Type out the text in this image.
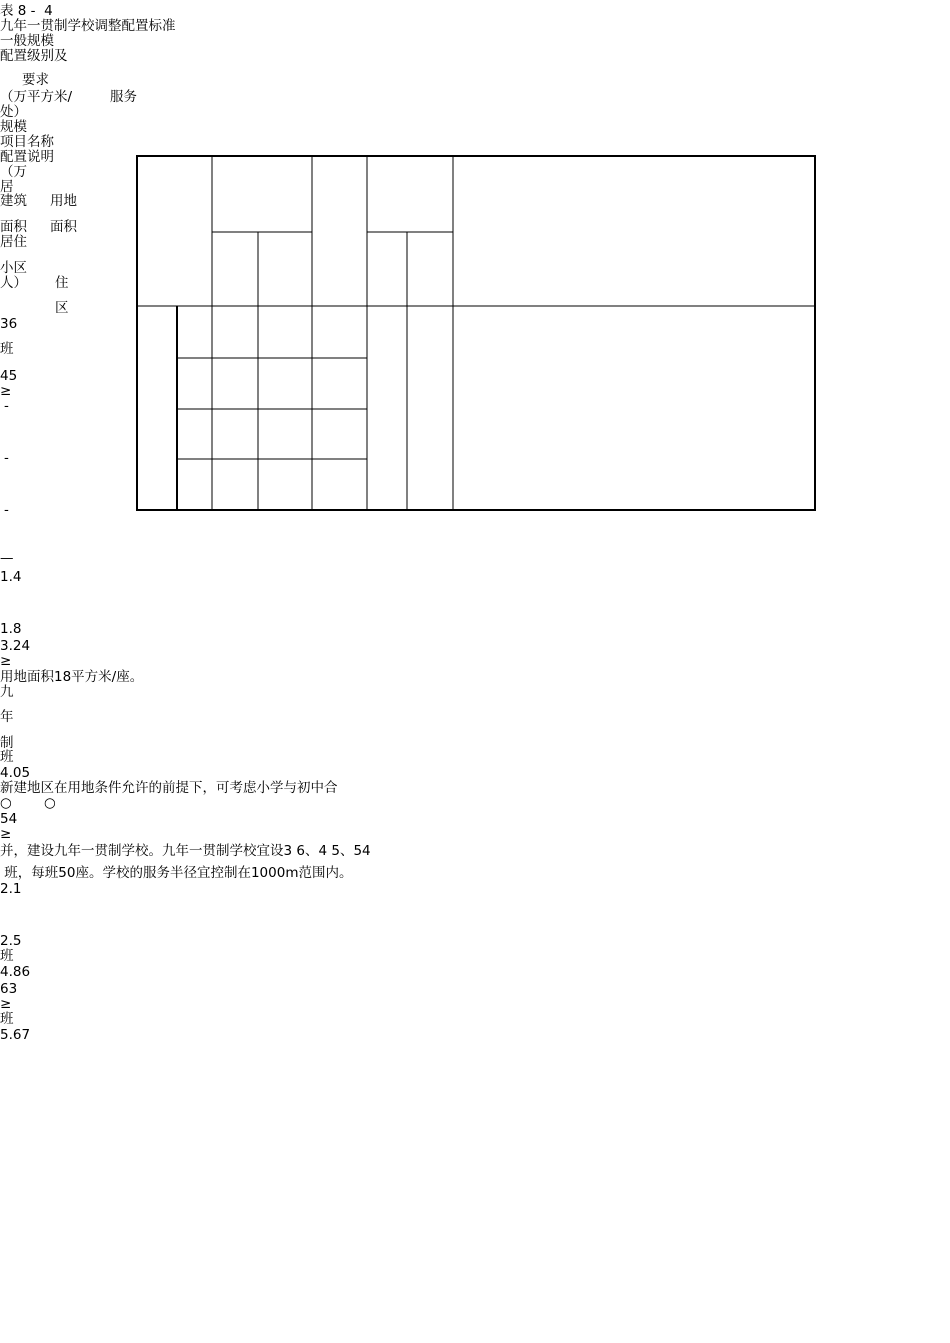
表 8 -  4
九年一贯制学校调整配置标准
一般规模
配置级别及
要求
（万平方米/	服务
处）
规模
项目名称
配置说明
（万
居
建筑 用地
面积 面积
居住
小区
人） 住
区
36
班
45
≥
-
-
-
—
1.4
1.8
3.24
≥
用地面积18平方米/座。
九
年
制
班
4.05
新建地区在用地条件允许的前提下，可考虑小学与初中合
○ ○
54
≥
并，建设九年一贯制学校。九年一贯制学校宜设3 6、4 5、54
班，每班50座。学校的服务半径宜控制在1000m范围内。
2.1
2.5
班
4.86
63
≥
班
5.67
